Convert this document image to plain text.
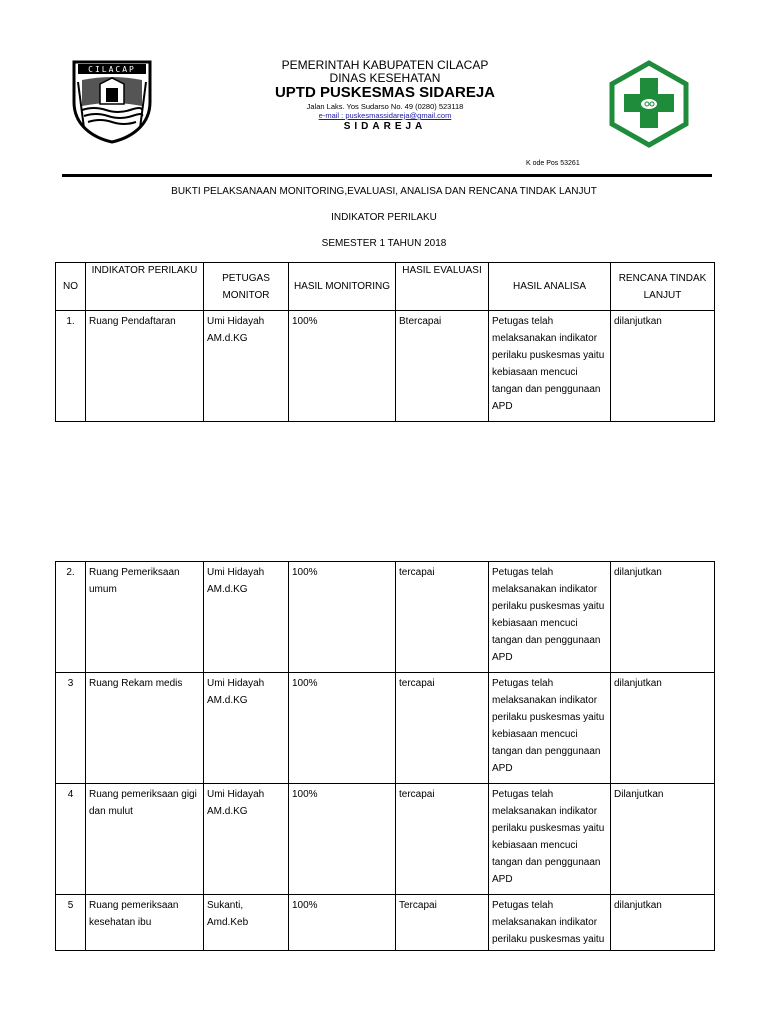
CILACAP	PEMERINTAH KABUPATEN CILACAP
DINAS KESEHATAN
UPTD PUSKESMAS SIDAREJA
Jalan Laks. Yos Sudarso No. 49 (0280) 523118
e-mail : puskesmassidareja@gmail.com
SIDAREJA
K ode Pos 53261
BUKTI PELAKSANAAN MONITORING,EVALUASI, ANALISA DAN RENCANA TINDAK LANJUT
INDIKATOR PERILAKU
SEMESTER 1 TAHUN 2018
NO	INDIKATOR PERILAKU	PETUGAS MONITOR	HASIL MONITORING	HASIL EVALUASI	HASIL ANALISA	RENCANA TINDAK LANJUT
1.	Ruang Pendaftaran	Umi Hidayah AM.d.KG	100%	Btercapai	Petugas telah melaksanakan indikator perilaku puskesmas yaitu kebiasaan mencuci tangan dan penggunaan APD	dilanjutkan
2.	Ruang Pemeriksaan umum	Umi Hidayah AM.d.KG	100%	tercapai	Petugas telah melaksanakan indikator perilaku puskesmas yaitu kebiasaan mencuci tangan dan penggunaan APD	dilanjutkan
3	Ruang Rekam medis	Umi Hidayah AM.d.KG	100%	tercapai	Petugas telah melaksanakan indikator perilaku puskesmas yaitu kebiasaan mencuci tangan dan penggunaan APD	dilanjutkan
4	Ruang pemeriksaan gigi dan mulut	Umi Hidayah AM.d.KG	100%	tercapai	Petugas telah melaksanakan indikator perilaku puskesmas yaitu kebiasaan mencuci tangan dan penggunaan APD	Dilanjutkan
5	Ruang pemeriksaan kesehatan ibu	Sukanti, Amd.Keb	100%	Tercapai	Petugas telah melaksanakan indikator perilaku puskesmas yaitu	dilanjutkan
